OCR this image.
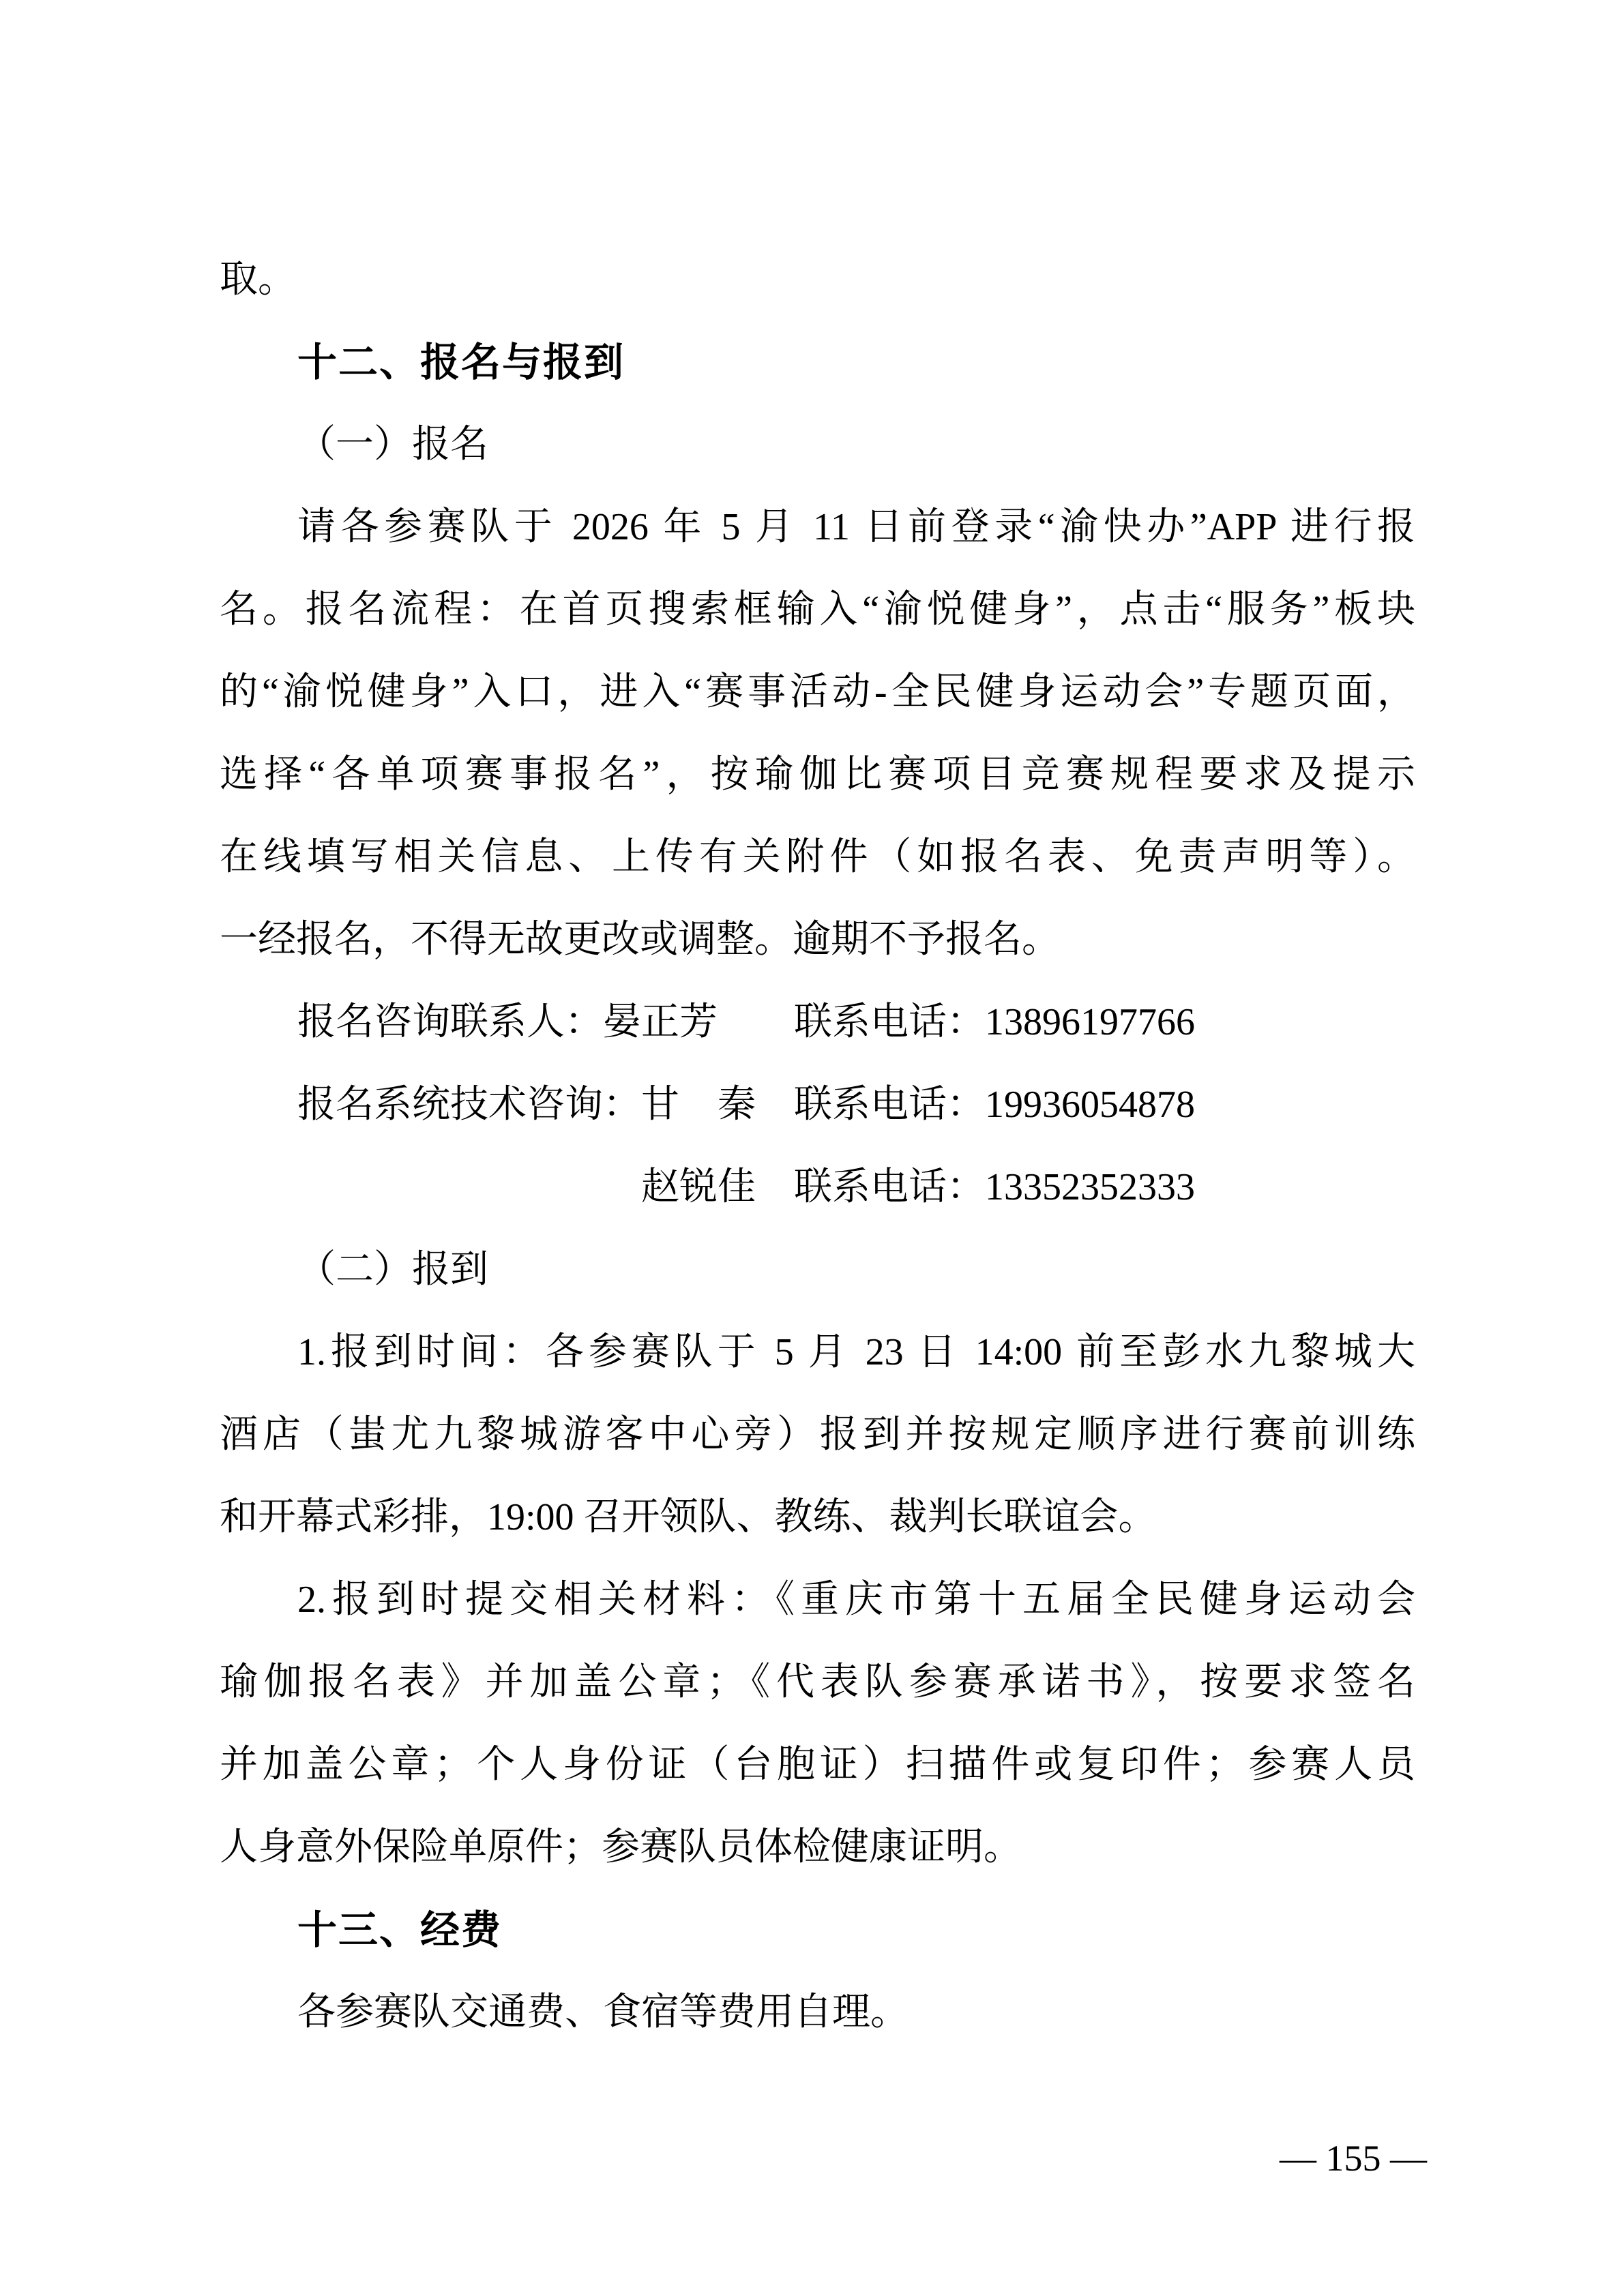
取。
十二、报名与报到
（一）报名
请各参赛队于 2026 年 5 月 11 日前登录“渝快办”APP 进行报
名。报名流程：在首页搜索框输入“渝悦健身”，点击“服务”板块
的“渝悦健身”入口，进入“赛事活动-全民健身运动会”专题页面，
选择“各单项赛事报名”，按瑜伽比赛项目竞赛规程要求及提示
在线填写相关信息、上传有关附件（如报名表、免责声明等）。
一经报名，不得无故更改或调整。逾期不予报名。
报名咨询联系人：晏正芳　　联系电话：13896197766
报名系统技术咨询：甘　秦　联系电话：19936054878
赵锐佳　联系电话：13352352333
（二）报到
1.报到时间：各参赛队于 5 月 23 日 14:00 前至彭水九黎城大
酒店（蚩尤九黎城游客中心旁）报到并按规定顺序进行赛前训练
和开幕式彩排，19:00 召开领队、教练、裁判长联谊会。
2.报到时提交相关材料：《重庆市第十五届全民健身运动会
瑜伽报名表》并加盖公章；《代表队参赛承诺书》，按要求签名
并加盖公章；个人身份证（台胞证）扫描件或复印件；参赛人员
人身意外保险单原件；参赛队员体检健康证明。
十三、经费
各参赛队交通费、食宿等费用自理。
— 155 —
